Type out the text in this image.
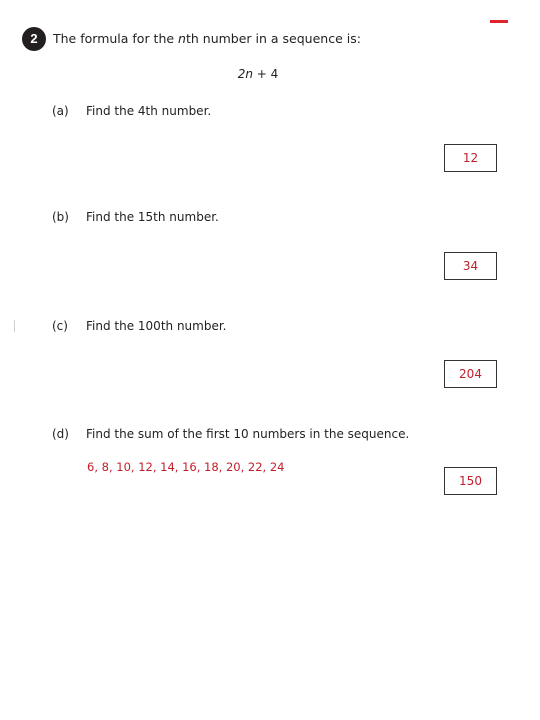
2	The formula for the nth number in a sequence is:
2n + 4
(a) Find the 4th number.
12
(b) Find the 15th number.
34
(c) Find the 100th number.
204
(d) Find the sum of the first 10 numbers in the sequence.
6, 8, 10, 12, 14, 16, 18, 20, 22, 24
150
